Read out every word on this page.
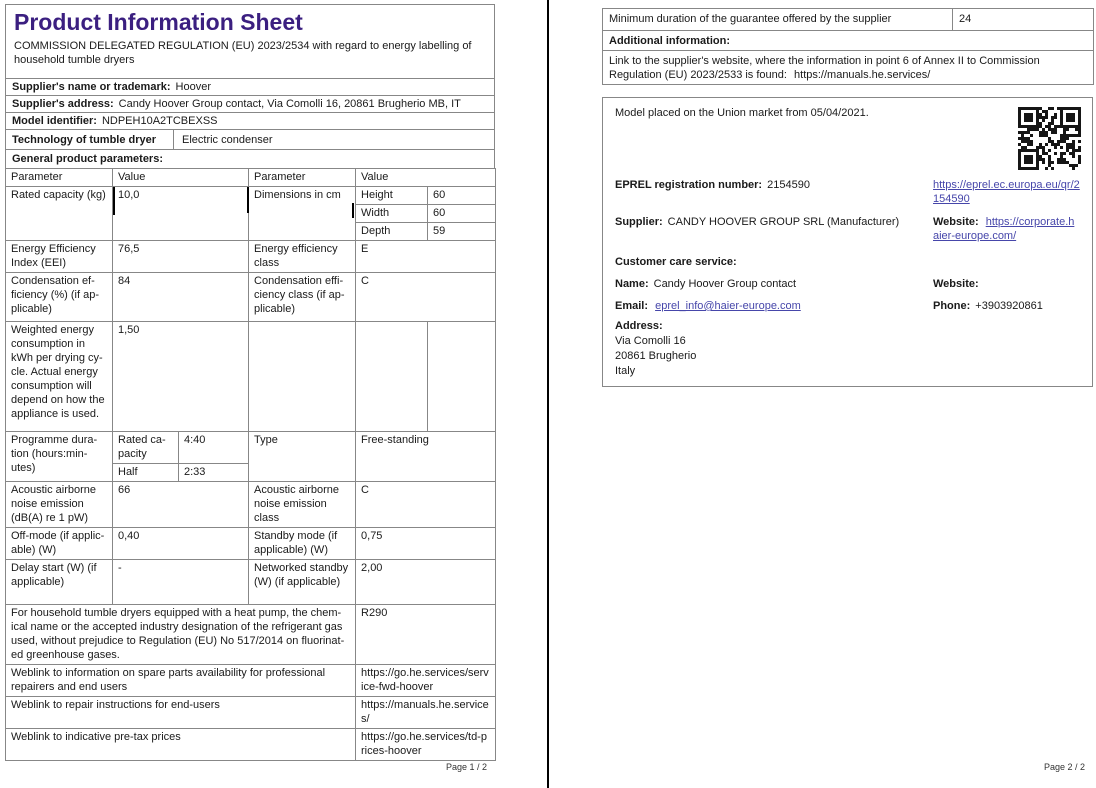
Product Information Sheet

COMMISSION DELEGATED REGULATION (EU) 2023/2534 with regard to energy labelling of household tumble dryers

Supplier's name or trademark: Hoover
Supplier's address: Candy Hoover Group contact, Via Comolli 16, 20861 Brugherio MB, IT
Model identifier: NDPEH10A2TCBEXSS
Technology of tumble dryer	Electric condenser
General product parameters:
Parameter	Value		Parameter	Value	
Rated capacity (kg)	10,0		Dimensions in cm	Height	60
				Width	60
				Depth	59
Energy Efficiency Index (EEI)	76,5		Energy efficiency class	E	
Condensation efficiency (%) (if applicable)	84		Condensation efficiency class (if applicable)	C	
Weighted energy consumption in kWh per drying cycle. Actual energy consumption will depend on how the appliance is used.	1,50				
Programme duration (hours:minutes)	Rated capacity	4:40	Type	Free-standing	
	Half	2:33			
Acoustic airborne noise emission (dB(A) re 1 pW)	66		Acoustic airborne noise emission class	C	
Off-mode (if applicable) (W)	0,40		Standby mode (if applicable) (W)	0,75	
Delay start (W) (if applicable)	-		Networked standby (W) (if applicable)	2,00	
For household tumble dryers equipped with a heat pump, the chemical name or the accepted industry designation of the refrigerant gas used, without prejudice to Regulation (EU) No 517/2014 on fluorinated greenhouse gases.				R290	
Weblink to information on spare parts availability for professional repairers and end users				https://go.he.services/service-fwd-hoover	
Weblink to repair instructions for end-users				https://manuals.he.services/	
Weblink to indicative pre-tax prices				https://go.he.services/td-prices-hoover	
Minimum duration of the guarantee offered by the supplier	24
Additional information:
Link to the supplier's website, where the information in point 6 of Annex II to Commission Regulation (EU) 2023/2533 is found: https://manuals.he.services/
Model placed on the Union market from 05/04/2021.
EPREL registration number: 2154590	https://eprel.ec.europa.eu/qr/2154590
Supplier: CANDY HOOVER GROUP SRL (Manufacturer)	Website: https://corporate.haier-europe.com/
Customer care service:
Name: Candy Hoover Group contact	Website:
Email: eprel_info@haier-europe.com	Phone: +3903920861
Address:
Via Comolli 16
20861 Brugherio
Italy
Page 1 / 2	Page 2 / 2
